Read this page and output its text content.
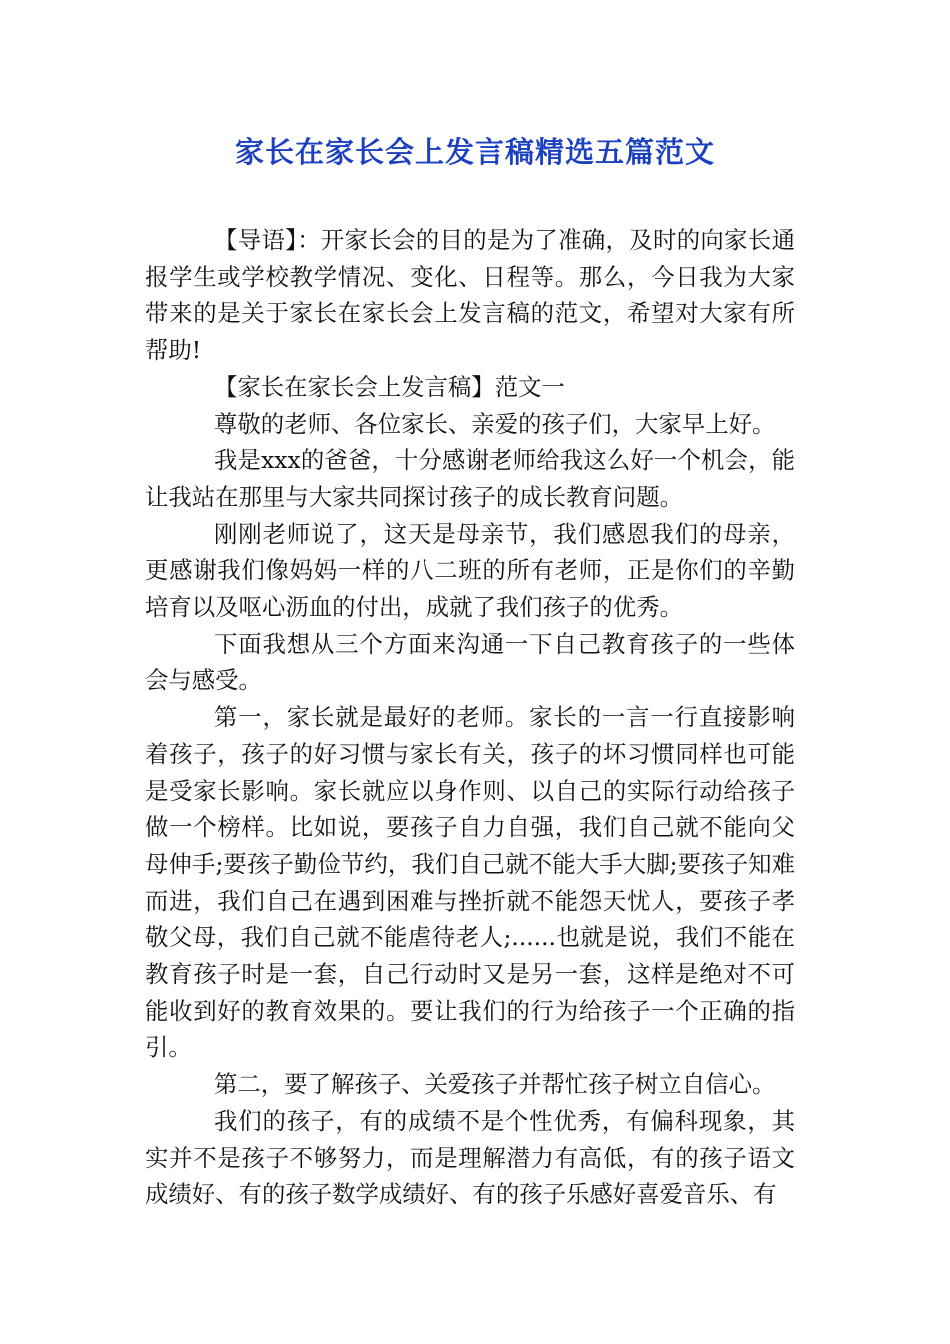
家长在家长会上发言稿精选五篇范文

【导语】：开家长会的目的是为了准确，及时的向家长通报学生或学校教学情况、变化、日程等。那么，今日我为大家带来的是关于家长在家长会上发言稿的范文，希望对大家有所帮助!

【家长在家长会上发言稿】范文一

尊敬的老师、各位家长、亲爱的孩子们，大家早上好。

我是xxx的爸爸，十分感谢老师给我这么好一个机会，能让我站在那里与大家共同探讨孩子的成长教育问题。

刚刚老师说了，这天是母亲节，我们感恩我们的母亲，更感谢我们像妈妈一样的八二班的所有老师，正是你们的辛勤培育以及呕心沥血的付出，成就了我们孩子的优秀。

下面我想从三个方面来沟通一下自己教育孩子的一些体会与感受。

第一，家长就是最好的老师。家长的一言一行直接影响着孩子，孩子的好习惯与家长有关，孩子的坏习惯同样也可能是受家长影响。家长就应以身作则、以自己的实际行动给孩子做一个榜样。比如说，要孩子自力自强，我们自己就不能向父母伸手;要孩子勤俭节约，我们自己就不能大手大脚;要孩子知难而进，我们自己在遇到困难与挫折就不能怨天忧人，要孩子孝敬父母，我们自己就不能虐待老人;......也就是说，我们不能在教育孩子时是一套，自己行动时又是另一套，这样是绝对不可能收到好的教育效果的。要让我们的行为给孩子一个正确的指引。

第二，要了解孩子、关爱孩子并帮忙孩子树立自信心。

我们的孩子，有的成绩不是个性优秀，有偏科现象，其实并不是孩子不够努力，而是理解潜力有高低，有的孩子语文成绩好、有的孩子数学成绩好、有的孩子乐感好喜爱音乐、有
